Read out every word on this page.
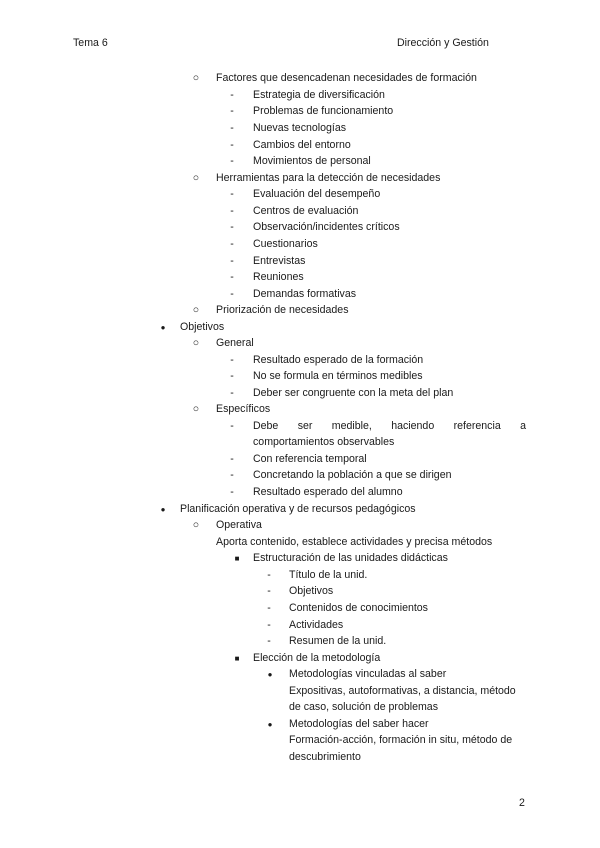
Tema 6	Dirección y Gestión
○	Factores que desencadenan necesidades de formación
-	Estrategia de diversificación
-	Problemas de funcionamiento
-	Nuevas tecnologías
-	Cambios del entorno
-	Movimientos de personal
○	Herramientas para la detección de necesidades
-	Evaluación del desempeño
-	Centros de evaluación
-	Observación/incidentes críticos
-	Cuestionarios
-	Entrevistas
-	Reuniones
-	Demandas formativas
○	Priorización de necesidades
●	Objetivos
○	General
-	Resultado esperado de la formación
-	No se formula en términos medibles
-	Deber ser congruente con la meta del plan
○	Específicos
-
comportamientos observables
-	Con referencia temporal
-	Concretando la población a que se dirigen
-	Resultado esperado del alumno
●	Planificación operativa y de recursos pedagógicos
○	Operativa
Aporta contenido, establece actividades y precisa métodos
■	Estructuración de las unidades didácticas
-	Título de la unid.
-	Objetivos
-	Contenidos de conocimientos
-	Actividades
-	Resumen de la unid.
■	Elección de la metodología
●	Metodologías vinculadas al saber
Expositivas, autoformativas, a distancia, método
de caso, solución de problemas
●	Metodologías del saber hacer
Formación-acción, formación in situ, método de
descubrimiento
Debe ser medible, haciendo referencia a
2
